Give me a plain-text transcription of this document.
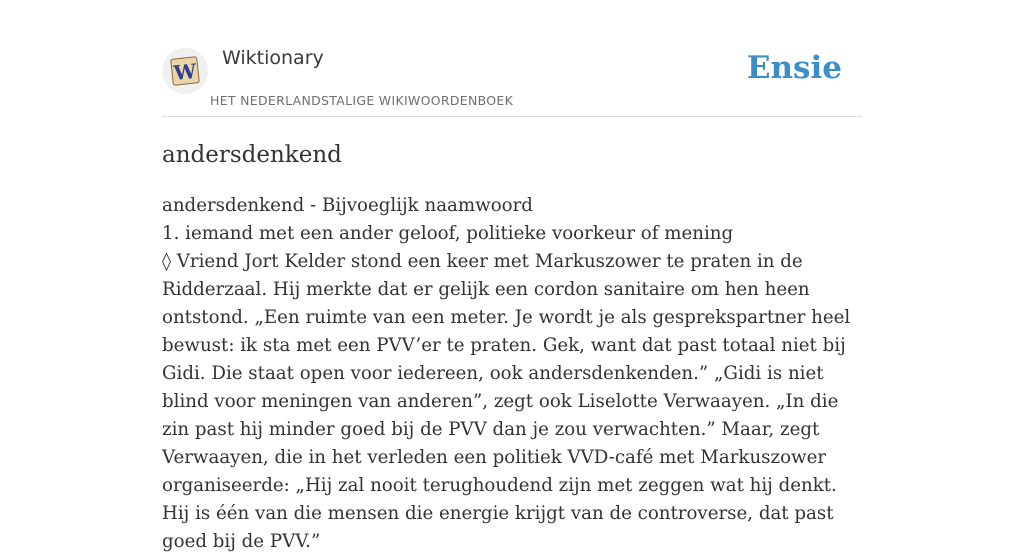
W
Wiktionary
HET NEDERLANDSTALIGE WIKIWOORDENBOEK
Ensie
andersdenkend
andersdenkend - Bijvoeglijk naamwoord
1. iemand met een ander geloof, politieke voorkeur of mening
◊ Vriend Jort Kelder stond een keer met Markuszower te praten in de Ridderzaal. Hij merkte dat er gelijk een cordon sanitaire om hen heen ontstond. „Een ruimte van een meter. Je wordt je als gesprekspartner heel bewust: ik sta met een PVV’er te praten. Gek, want dat past totaal niet bij Gidi. Die staat open voor iedereen, ook andersdenkenden.” „Gidi is niet blind voor meningen van anderen”, zegt ook Liselotte Verwaayen. „In die zin past hij minder goed bij de PVV dan je zou verwachten.” Maar, zegt Verwaayen, die in het verleden een politiek VVD-café met Markuszower organiseerde: „Hij zal nooit terughoudend zijn met zeggen wat hij denkt. Hij is één van die mensen die energie krijgt van de controverse, dat past goed bij de PVV.”
